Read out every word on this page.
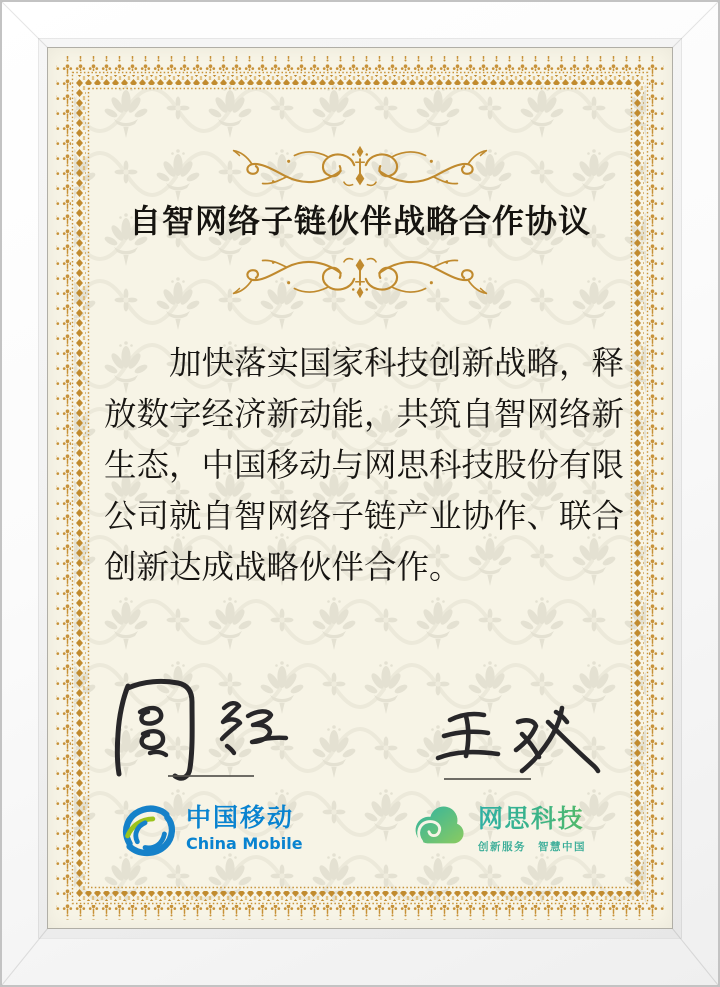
自智网络子链伙伴战略合作协议
加快落实国家科技创新战略，释
放数字经济新动能，共筑自智网络新
生态，中国移动与网思科技股份有限
公司就自智网络子链产业协作、联合
创新达成战略伙伴合作。
中国移动
China Mobile
网思科技
创新服务　智慧中国
